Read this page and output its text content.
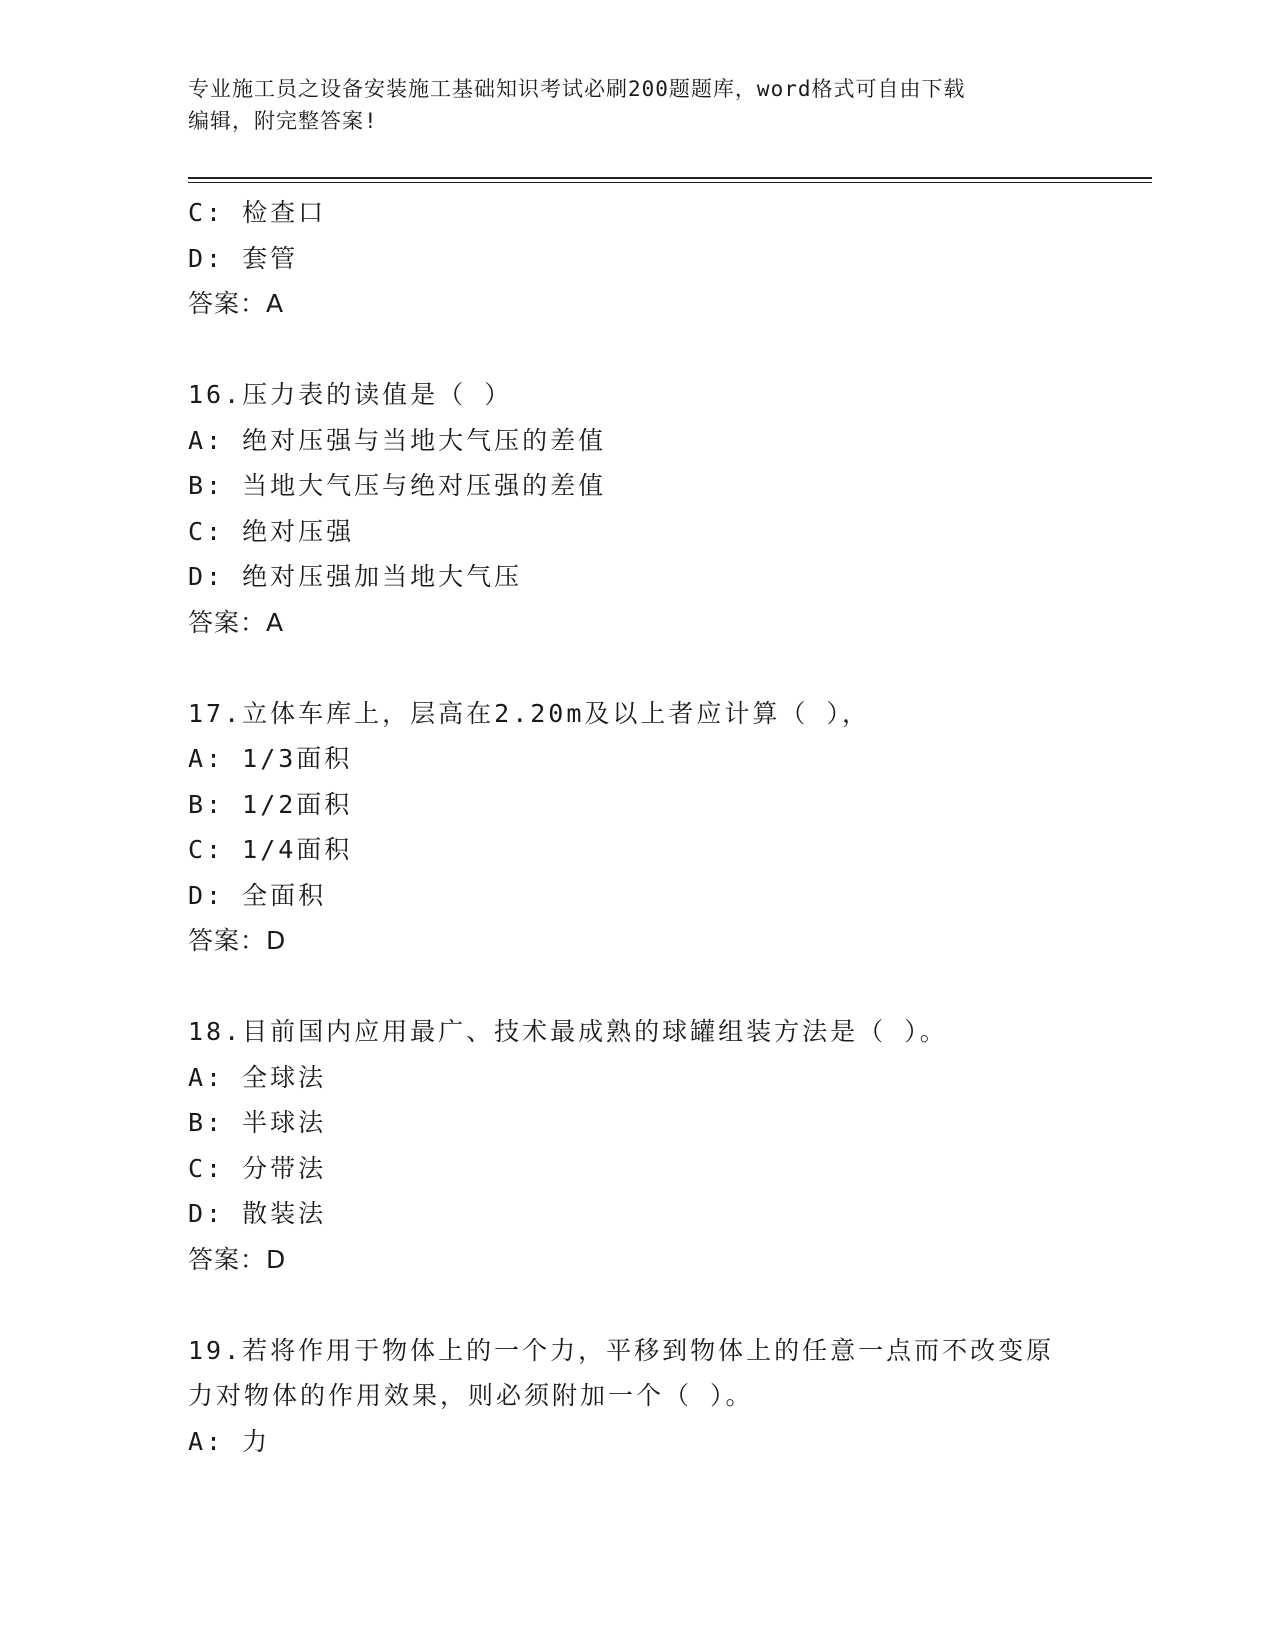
专业施工员之设备安装施工基础知识考试必刷200题题库，word格式可自由下载
编辑，附完整答案!
C: 检查口
D: 套管
答案：A
16.压力表的读值是（ ）
A: 绝对压强与当地大气压的差值
B: 当地大气压与绝对压强的差值
C: 绝对压强
D: 绝对压强加当地大气压
答案：A
17.立体车库上，层高在2.20m及以上者应计算（ ），
A: 1/3面积
B: 1/2面积
C: 1/4面积
D: 全面积
答案：D
18.目前国内应用最广、技术最成熟的球罐组装方法是（ ）。
A: 全球法
B: 半球法
C: 分带法
D: 散装法
答案：D
19.若将作用于物体上的一个力，平移到物体上的任意一点而不改变原
力对物体的作用效果，则必须附加一个（ ）。
A: 力
